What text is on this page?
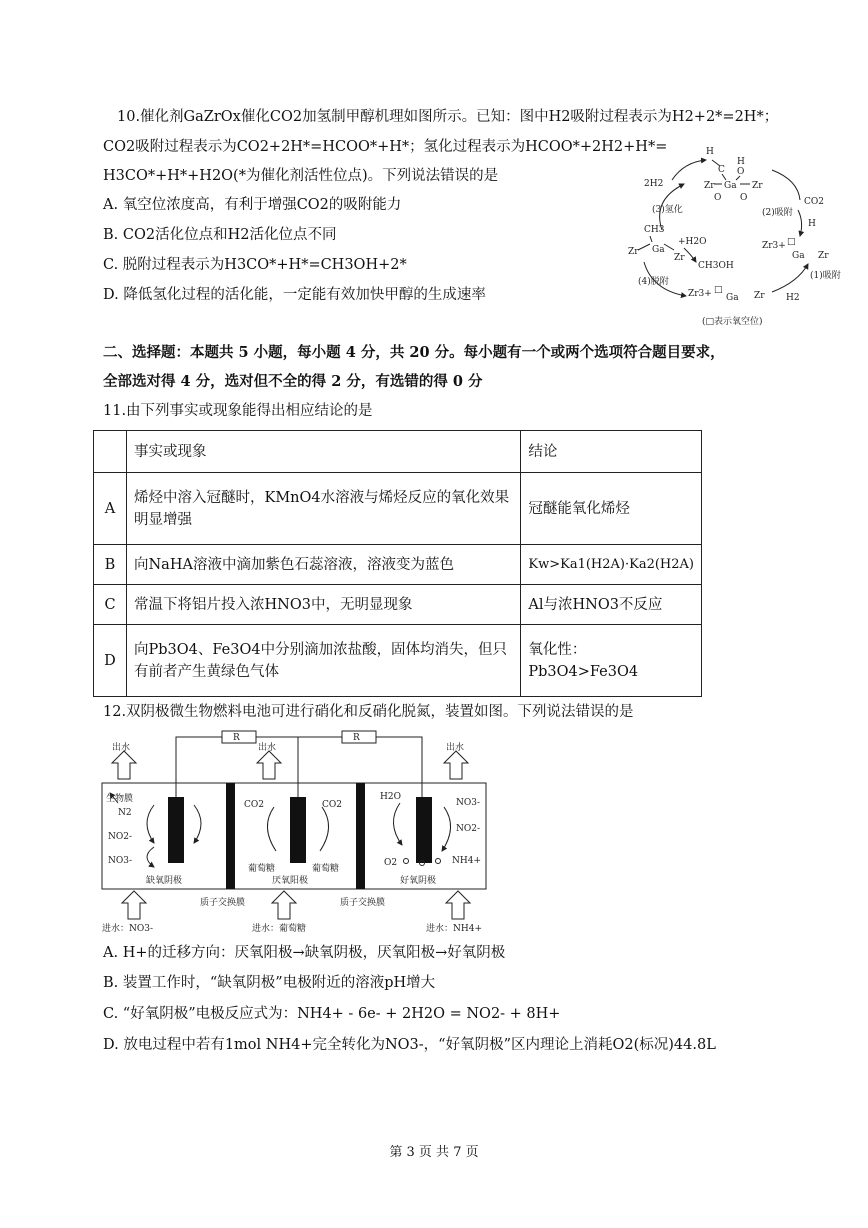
10.催化剂GaZrOx催化CO2加氢制甲醇机理如图所示。已知：图中H2吸附过程表示为H2+2*=2H*；
CO2吸附过程表示为CO2+2H*=HCOO*+H*；氢化过程表示为HCOO*+2H2+H*=
H3CO*+H*+H2O(*为催化剂活性位点)。下列说法错误的是
A. 氧空位浓度高，有利于增强CO2的吸附能力
B. CO2活化位点和H2活化位点不同
C. 脱附过程表示为H3CO*+H*=CH3OH+2*
D. 降低氢化过程的活化能，一定能有效加快甲醇的生成速率
H
C
H
O
Zr Ga Zr
O O
2H2
(3)氢化
CO2
(2)吸附
CH3
Zr Ga
+H2O
Zr
CH3OH
(4)脱附
Zr3+ □
Ga Zr
H
(1)吸附
H2
Zr3+ □
Ga Zr
(□表示氧空位)
二、选择题：本题共 5 小题，每小题 4 分，共 20 分。每小题有一个或两个选项符合题目要求，
全部选对得 4 分，选对但不全的得 2 分，有选错的得 0 分
11.由下列事实或现象能得出相应结论的是
	事实或现象	结论
A	烯烃中溶入冠醚时，KMnO4水溶液与烯烃反应的氧化效果明显增强	冠醚能氧化烯烃
B	向NaHA溶液中滴加紫色石蕊溶液，溶液变为蓝色	Kw>Ka1(H2A)·Ka2(H2A)
C	常温下将铝片投入浓HNO3中，无明显现象	Al与浓HNO3不反应
D	向Pb3O4、Fe3O4中分别滴加浓盐酸，固体均消失，但只有前者产生黄绿色气体	氧化性：Pb3O4>Fe3O4
12.双阴极微生物燃料电池可进行硝化和反硝化脱氮，装置如图。下列说法错误的是
R	R
出水	出水	出水
生物膜
N2
NO2-
NO3-
CO2	CO2
葡萄糖	葡萄糖
H2O
O2
NO3-
NO2-
NH4+
缺氧阴极	厌氧阳极	好氧阴极
质子交换膜	质子交换膜
进水：NO3-	进水：葡萄糖	进水：NH4+
A. H+的迁移方向：厌氧阳极→缺氧阴极，厌氧阳极→好氧阴极
B. 装置工作时，“缺氧阴极”电极附近的溶液pH增大
C. “好氧阴极”电极反应式为：NH4+ - 6e- + 2H2O = NO2- + 8H+
D. 放电过程中若有1mol NH4+完全转化为NO3-，“好氧阴极”区内理论上消耗O2(标况)44.8L
第 3 页 共 7 页
